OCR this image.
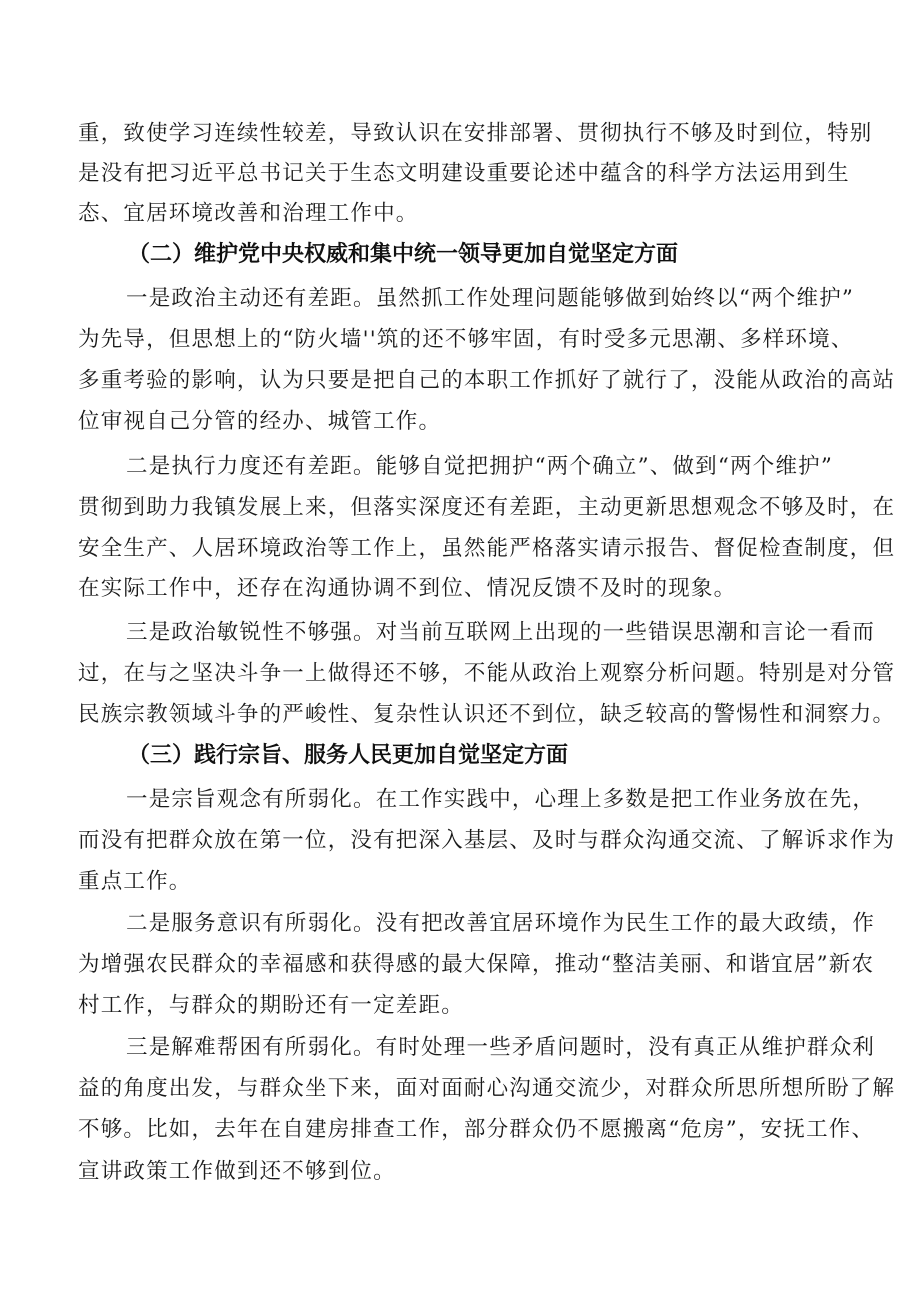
重，致使学习连续性较差，导致认识在安排部署、贯彻执行不够及时到位，特别
是没有把习近平总书记关于生态文明建设重要论述中蕴含的科学方法运用到生
态、宜居环境改善和治理工作中。
（二）维护党中央权威和集中统一领导更加自觉坚定方面
一是政治主动还有差距。虽然抓工作处理问题能够做到始终以“两个维护”
为先导，但思想上的“防火墙''筑的还不够牢固，有时受多元思潮、多样环境、
多重考验的影响，认为只要是把自己的本职工作抓好了就行了，没能从政治的高站
位审视自己分管的经办、城管工作。
二是执行力度还有差距。能够自觉把拥护“两个确立”、做到“两个维护”
贯彻到助力我镇发展上来，但落实深度还有差距，主动更新思想观念不够及时，在
安全生产、人居环境政治等工作上，虽然能严格落实请示报告、督促检查制度，但
在实际工作中，还存在沟通协调不到位、情况反馈不及时的现象。
三是政治敏锐性不够强。对当前互联网上出现的一些错误思潮和言论一看而
过，在与之坚决斗争一上做得还不够，不能从政治上观察分析问题。特别是对分管
民族宗教领域斗争的严峻性、复杂性认识还不到位，缺乏较高的警惕性和洞察力。
（三）践行宗旨、服务人民更加自觉坚定方面
一是宗旨观念有所弱化。在工作实践中，心理上多数是把工作业务放在先，
而没有把群众放在第一位，没有把深入基层、及时与群众沟通交流、了解诉求作为
重点工作。
二是服务意识有所弱化。没有把改善宜居环境作为民生工作的最大政绩，作
为增强农民群众的幸福感和获得感的最大保障，推动“整洁美丽、和谐宜居”新农
村工作，与群众的期盼还有一定差距。
三是解难帮困有所弱化。有时处理一些矛盾问题时，没有真正从维护群众利
益的角度出发，与群众坐下来，面对面耐心沟通交流少，对群众所思所想所盼了解
不够。比如，去年在自建房排查工作，部分群众仍不愿搬离“危房”，安抚工作、
宣讲政策工作做到还不够到位。
